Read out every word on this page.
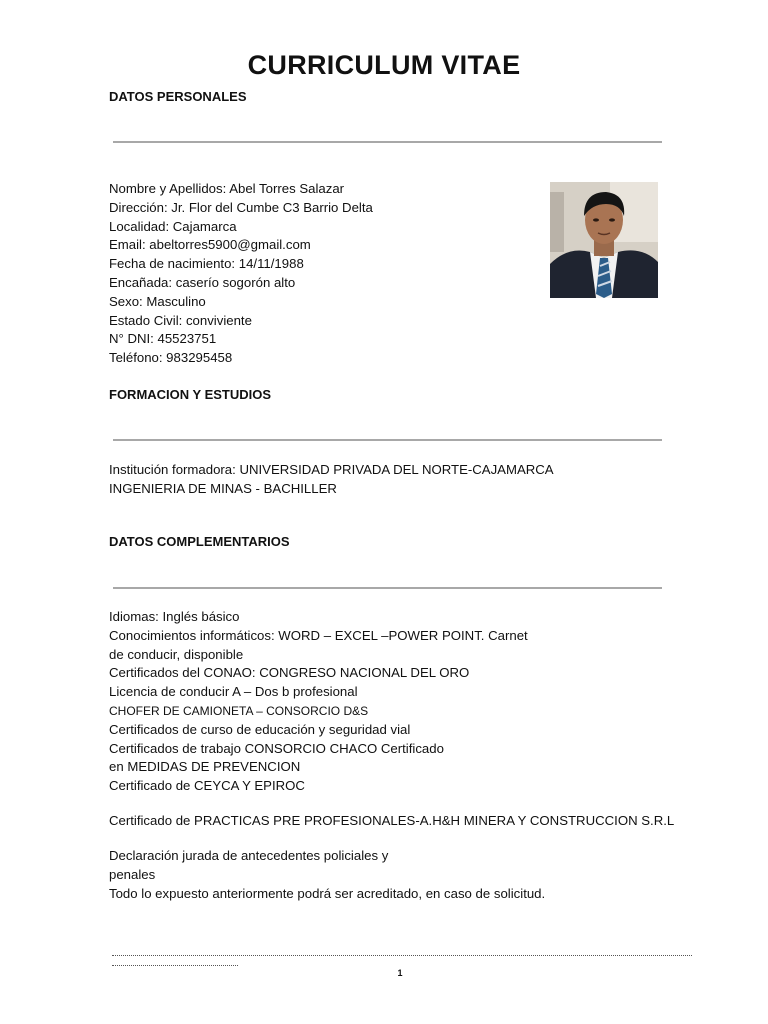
CURRICULUM VITAE
DATOS PERSONALES
Nombre y Apellidos: Abel Torres Salazar
Dirección: Jr. Flor del Cumbe C3 Barrio Delta
Localidad: Cajamarca
Email: abeltorres5900@gmail.com
Fecha de nacimiento: 14/11/1988
Encañada: caserío sogorón alto
Sexo: Masculino
Estado Civil: conviviente
N° DNI: 45523751
Teléfono: 983295458
FORMACION Y ESTUDIOS
Institución formadora: UNIVERSIDAD PRIVADA DEL NORTE-CAJAMARCA
INGENIERIA DE MINAS - BACHILLER
DATOS COMPLEMENTARIOS
Idiomas: Inglés básico
Conocimientos informáticos: WORD – EXCEL –POWER POINT. Carnet
de conducir, disponible
Certificados del CONAO: CONGRESO NACIONAL DEL ORO
Licencia de conducir A – Dos b profesional
CHOFER DE CAMIONETA – CONSORCIO D&S
Certificados de curso de educación y seguridad vial
Certificados de trabajo CONSORCIO CHACO Certificado
en MEDIDAS DE PREVENCION
Certificado de CEYCA Y EPIROC
Certificado de PRACTICAS PRE PROFESIONALES-A.H&H MINERA Y CONSTRUCCION S.R.L
Declaración jurada de antecedentes policiales y
penales
Todo lo expuesto anteriormente podrá ser acreditado, en caso de solicitud.
1
